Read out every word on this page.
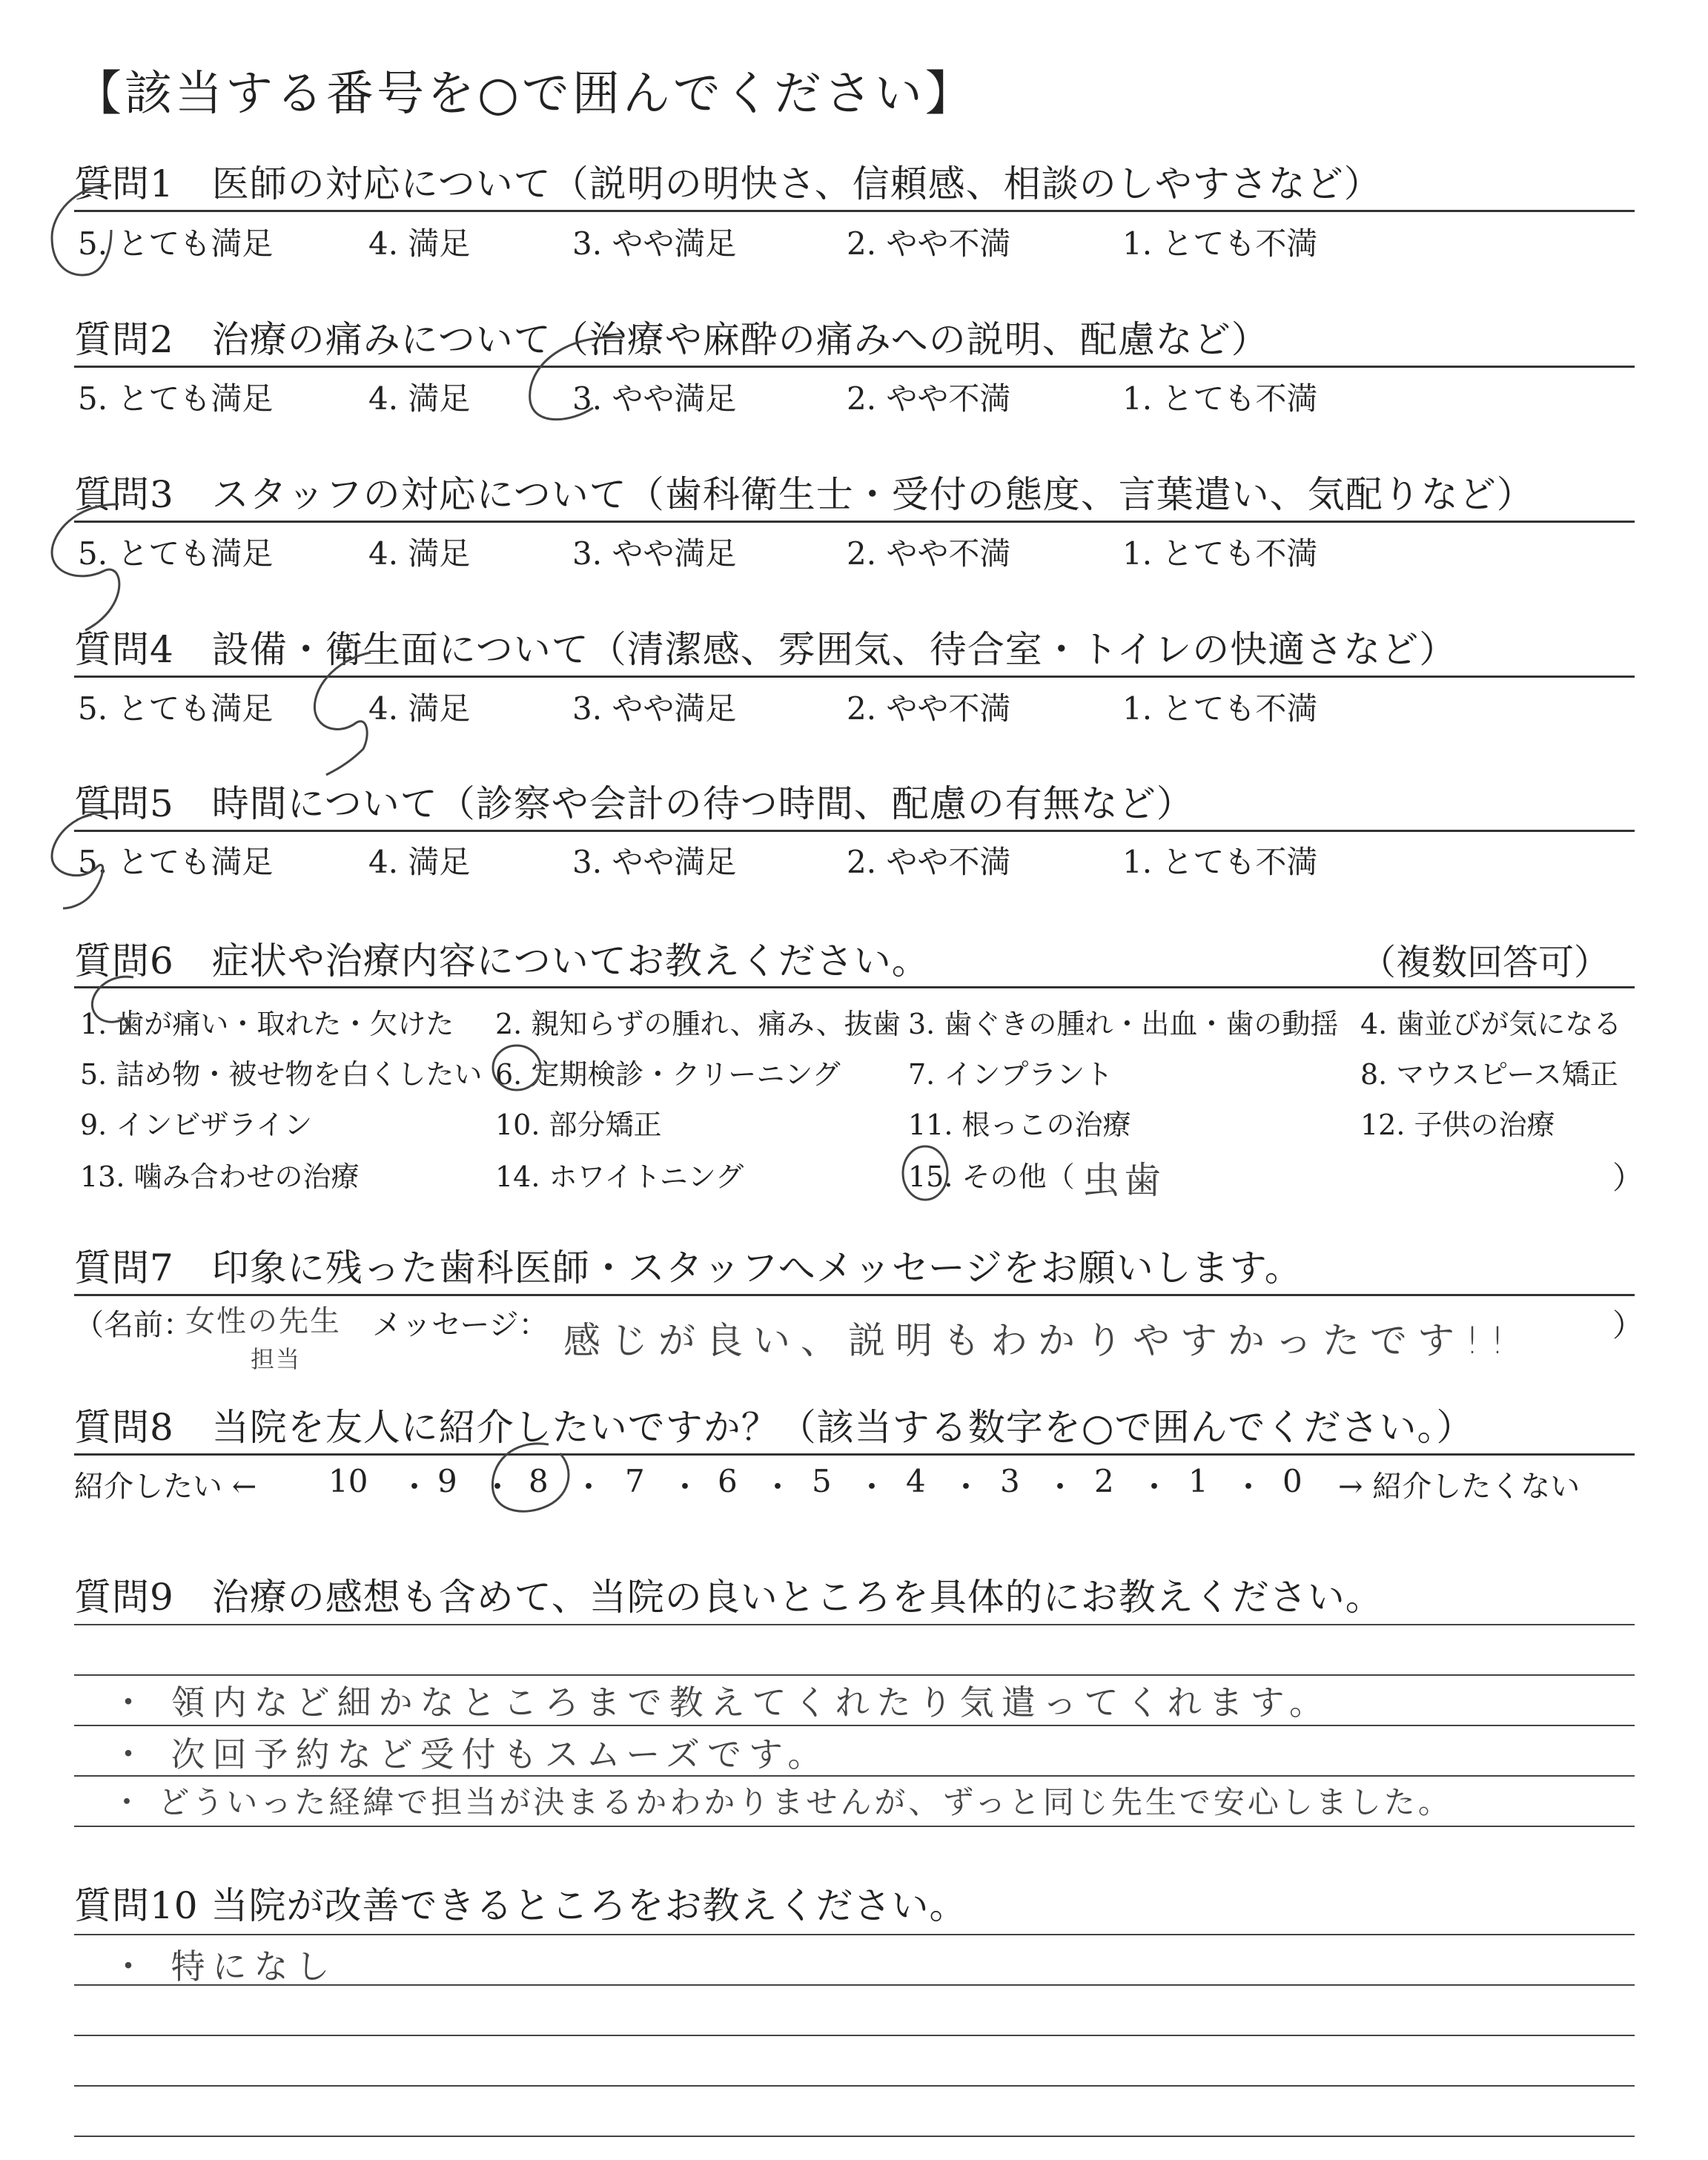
【該当する番号を○で囲んでください】
質問1　医師の対応について（説明の明快さ、信頼感、相談のしやすさなど）
5. とても満足	4. 満足	3. やや満足	2. やや不満	1. とても不満
質問2　治療の痛みについて（治療や麻酔の痛みへの説明、配慮など）
5. とても満足	4. 満足	3. やや満足	2. やや不満	1. とても不満
質問3　スタッフの対応について（歯科衛生士・受付の態度、言葉遣い、気配りなど）
5. とても満足	4. 満足	3. やや満足	2. やや不満	1. とても不満
質問4　設備・衛生面について（清潔感、雰囲気、待合室・トイレの快適さなど）
5. とても満足	4. 満足	3. やや満足	2. やや不満	1. とても不満
質問5　時間について（診察や会計の待つ時間、配慮の有無など）
5. とても満足	4. 満足	3. やや満足	2. やや不満	1. とても不満
質問6　症状や治療内容についてお教えください。	（複数回答可）
1. 歯が痛い・取れた・欠けた 2. 親知らずの腫れ、痛み、抜歯 3. 歯ぐきの腫れ・出血・歯の動揺 4. 歯並びが気になる
5. 詰め物・被せ物を白くしたい 6. 定期検診・クリーニング 7. インプラント	8. マウスピース矯正
9. インビザライン	10. 部分矯正	11. 根っこの治療	12. 子供の治療
13. 噛み合わせの治療	14. ホワイトニング	15. その他（ 虫歯	）
質問7　印象に残った歯科医師・スタッフへメッセージをお願いします。
（名前：
女性の先生
担当
メッセージ： 感じが良い、説明もわかりやすかったです!!	）
質問8　当院を友人に紹介したいですか？（該当する数字を○で囲んでください。）
紹介したい ← 10 ・ 9 ・ 8 ・ 7 ・ 6 ・ 5 ・ 4 ・ 3 ・ 2 ・ 1 ・ 0 → 紹介したくない
質問9　治療の感想も含めて、当院の良いところを具体的にお教えください。
・ 領内など細かなところまで教えてくれたり気遣ってくれます。
・ 次回予約など受付もスムーズです。
・ どういった経緯で担当が決まるかわかりませんが、ずっと同じ先生で安心しました。
質問10 当院が改善できるところをお教えください。
・ 特になし
